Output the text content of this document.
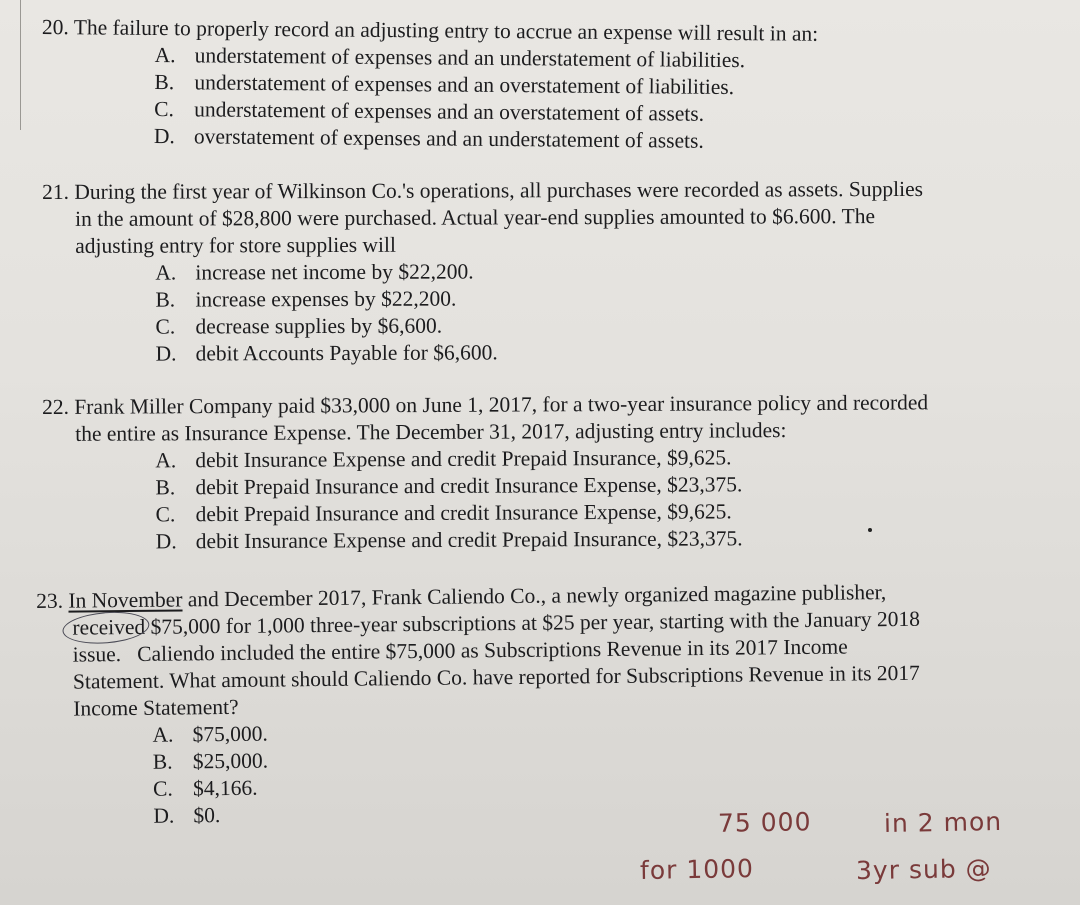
20. The failure to properly record an adjusting entry to accrue an expense will result in an:

A. understatement of expenses and an understatement of liabilities.
B. understatement of expenses and an overstatement of liabilities.
C. understatement of expenses and an overstatement of assets.
D. overstatement of expenses and an understatement of assets.

21. During the first year of Wilkinson Co.'s operations, all purchases were recorded as assets. Supplies

in the amount of $28,800 were purchased. Actual year-end supplies amounted to $6.600. The

adjusting entry for store supplies will

A. increase net income by $22,200.
B. increase expenses by $22,200.
C. decrease supplies by $6,600.
D. debit Accounts Payable for $6,600.

22. Frank Miller Company paid $33,000 on June 1, 2017, for a two-year insurance policy and recorded

the entire as Insurance Expense. The December 31, 2017, adjusting entry includes:

A. debit Insurance Expense and credit Prepaid Insurance, $9,625.
B. debit Prepaid Insurance and credit Insurance Expense, $23,375.
C. debit Prepaid Insurance and credit Insurance Expense, $9,625.
D. debit Insurance Expense and credit Prepaid Insurance, $23,375.

23. In November and December 2017, Frank Caliendo Co., a newly organized magazine publisher,

received $75,000 for 1,000 three-year subscriptions at $25 per year, starting with the January 2018

issue.   Caliendo included the entire $75,000 as Subscriptions Revenue in its 2017 Income

Statement. What amount should Caliendo Co. have reported for Subscriptions Revenue in its 2017

Income Statement?

A. $75,000.
B. $25,000.
C. $4,166.
D. $0.	75 000	in 2 mon
for 1000	3yr sub @
